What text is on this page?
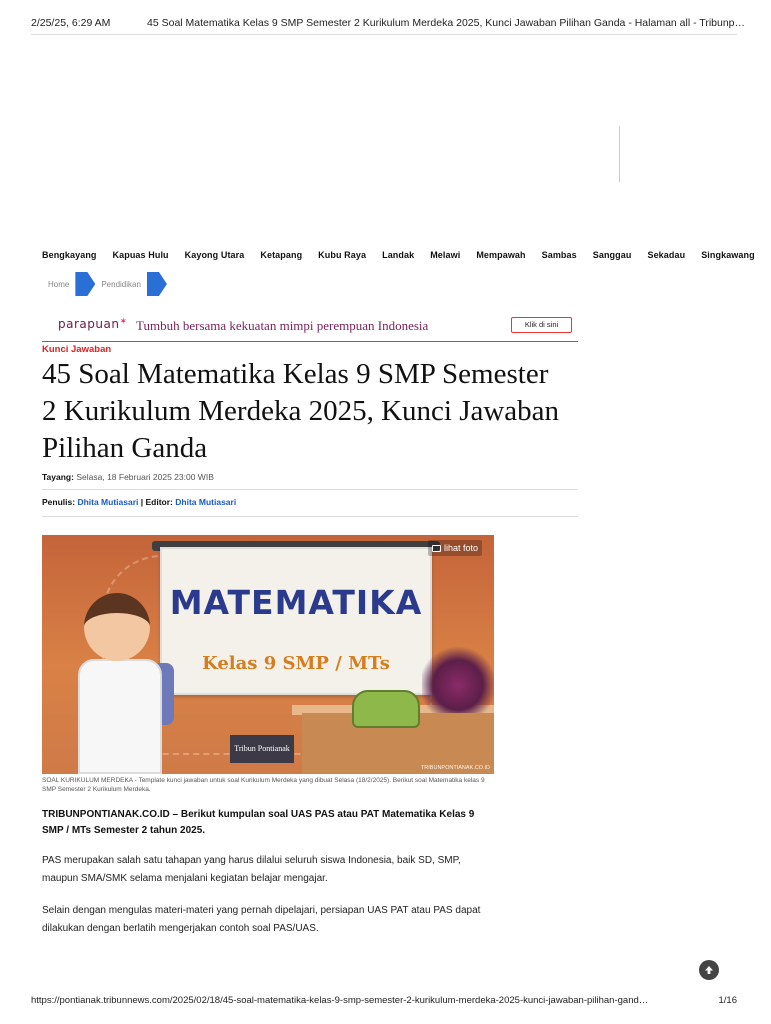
2/25/25, 6:29 AM	45 Soal Matematika Kelas 9 SMP Semester 2 Kurikulum Merdeka 2025, Kunci Jawaban Pilihan Ganda - Halaman all - Tribunp…
Bengkayang Kapuas Hulu Kayong Utara Ketapang Kubu Raya Landak Melawi Mempawah Sambas Sanggau Sekadau Singkawang
Home	Pendidikan
parapuan✶ Tumbuh bersama kekuatan mimpi perempuan Indonesia	Klik di sini
Kunci Jawaban
45 Soal Matematika Kelas 9 SMP Semester 2 Kurikulum Merdeka 2025, Kunci Jawaban Pilihan Ganda
Tayang: Selasa, 18 Februari 2025 23:00 WIB
Penulis: Dhita Mutiasari | Editor: Dhita Mutiasari
MATEMATIKA
Kelas 9 SMP / MTs
Tribun Pontianak
TRIBUNPONTIANAK.CO.ID
lihat foto
SOAL KURIKULUM MERDEKA - Template kunci jawaban untuk soal Kurikulum Merdeka yang dibuat Selasa (18/2/2025). Berikut soal Matematika kelas 9 SMP Semester 2 Kurikulum Merdeka.

TRIBUNPONTIANAK.CO.ID – Berikut kumpulan soal UAS PAS atau PAT Matematika Kelas 9 SMP / MTs Semester 2 tahun 2025.

PAS merupakan salah satu tahapan yang harus dilalui seluruh siswa Indonesia, baik SD, SMP, maupun SMA/SMK selama menjalani kegiatan belajar mengajar.

Selain dengan mengulas materi-materi yang pernah dipelajari, persiapan UAS PAT atau PAS dapat dilakukan dengan berlatih mengerjakan contoh soal PAS/UAS.

https://pontianak.tribunnews.com/2025/02/18/45-soal-matematika-kelas-9-smp-semester-2-kurikulum-merdeka-2025-kunci-jawaban-pilihan-gand…	1/16
